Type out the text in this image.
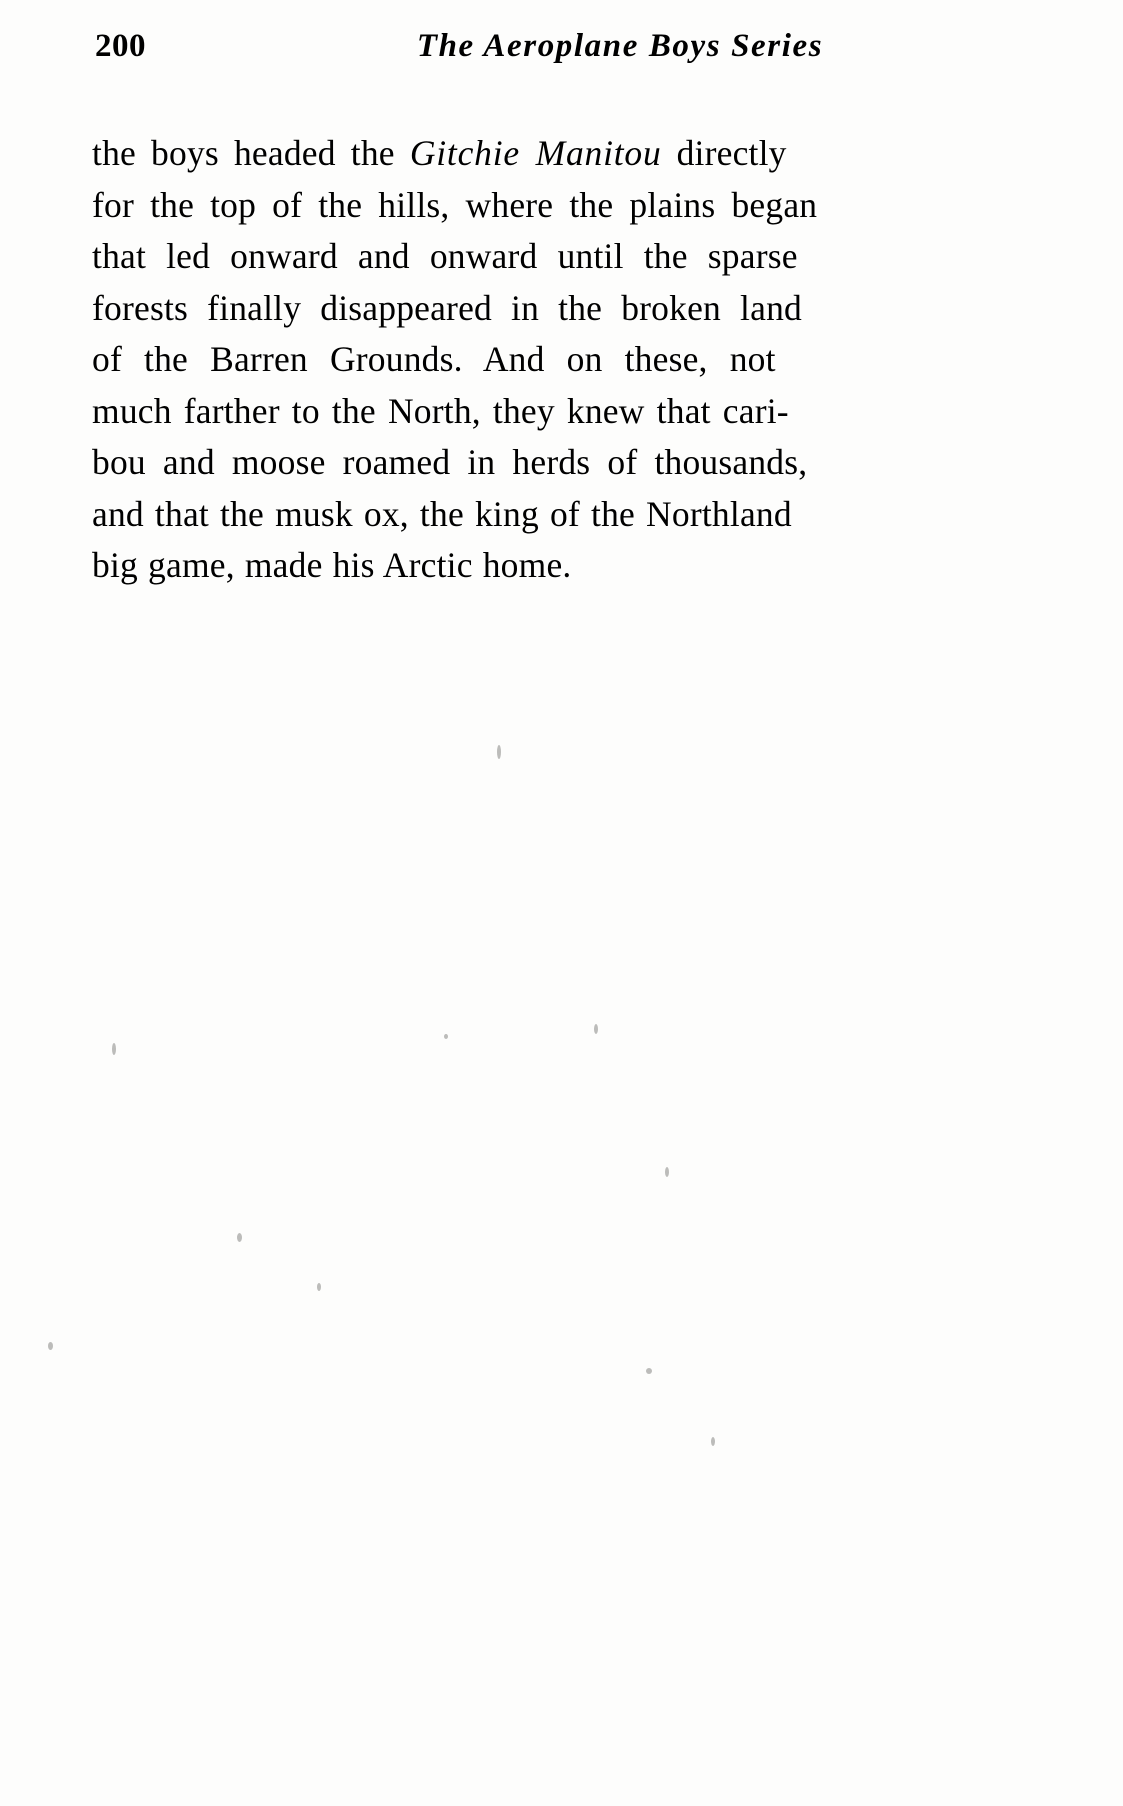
200	The Aeroplane Boys Series
the boys headed the Gitchie Manitou directly
for the top of the hills, where the plains began
that led onward and onward until the sparse
forests finally disappeared in the broken land
of the Barren Grounds. And on these, not
much farther to the North, they knew that cari-
bou and moose roamed in herds of thousands,
and that the musk ox, the king of the Northland
big game, made his Arctic home.
